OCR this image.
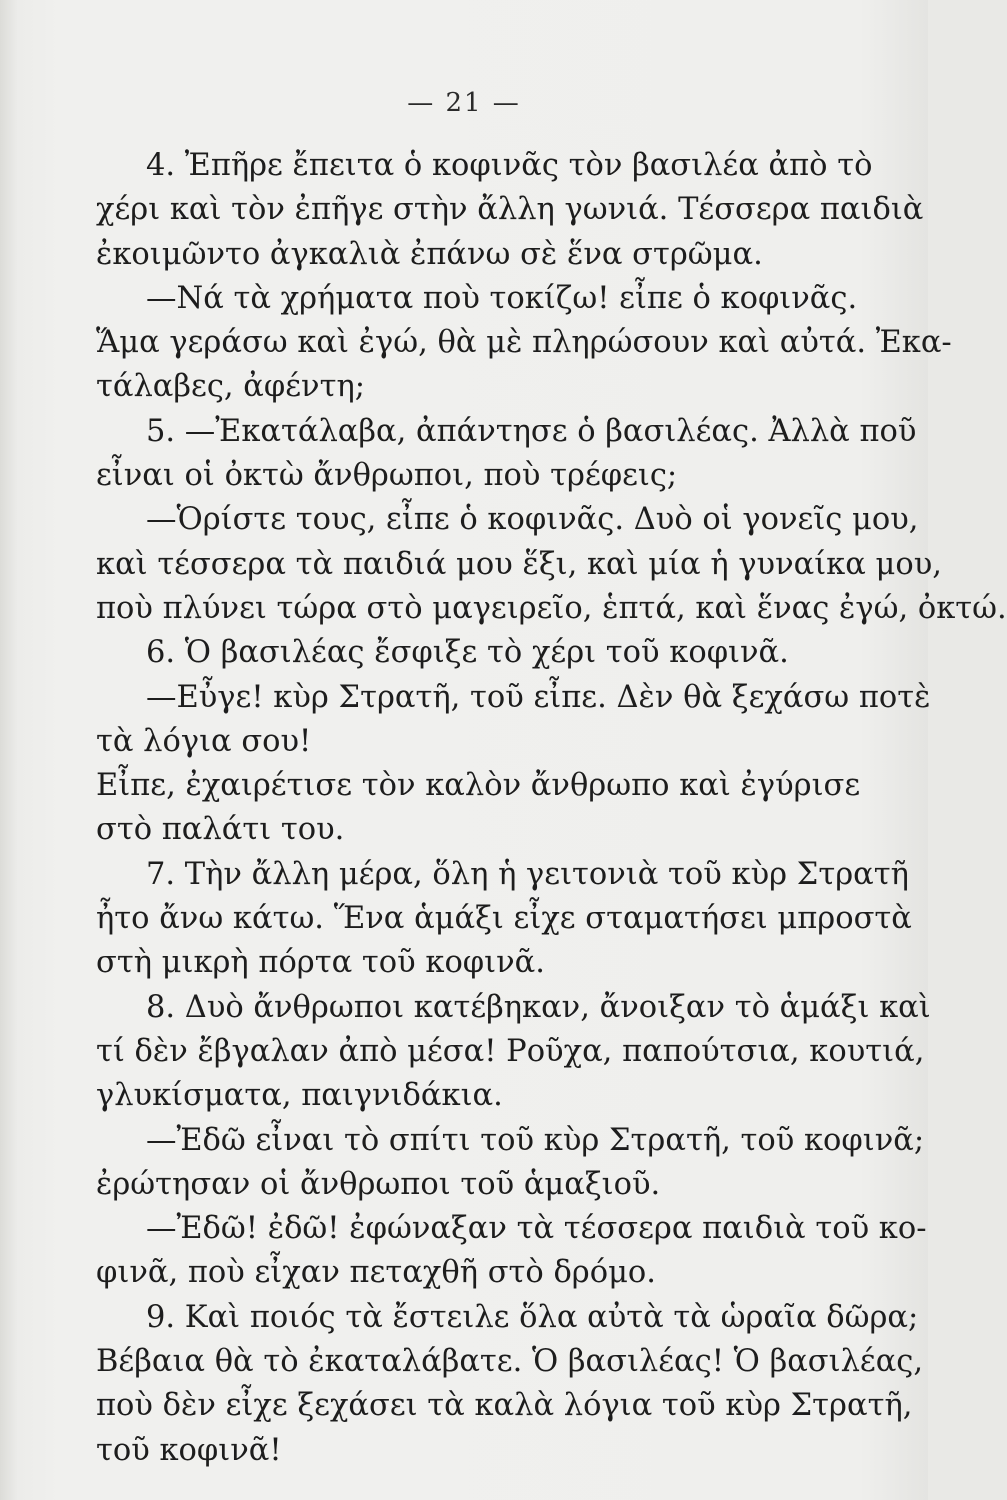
— 21 —
4. Ἐπῆρε ἔπειτα ὁ κοφινᾶς τὸν βασιλέα ἀπὸ τὸ
χέρι καὶ τὸν ἐπῆγε στὴν ἄλλη γωνιά. Τέσσερα παιδιὰ
ἐκοιμῶντο ἀγκαλιὰ ἐπάνω σὲ ἕνα στρῶμα.
—Νά τὰ χρήματα ποὺ τοκίζω! εἶπε ὁ κοφινᾶς.
Ἅμα γεράσω καὶ ἐγώ, θὰ μὲ πληρώσουν καὶ αὐτά. Ἐκα-
τάλαβες, ἀφέντη;
5. —Ἐκατάλαβα, ἀπάντησε ὁ βασιλέας. Ἀλλὰ ποῦ
εἶναι οἱ ὀκτὼ ἄνθρωποι, ποὺ τρέφεις;
—Ὁρίστε τους, εἶπε ὁ κοφινᾶς. Δυὸ οἱ γονεῖς μου,
καὶ τέσσερα τὰ παιδιά μου ἕξι, καὶ μία ἡ γυναίκα μου,
ποὺ πλύνει τώρα στὸ μαγειρεῖο, ἑπτά, καὶ ἕνας ἐγώ, ὀκτώ.
6. Ὁ βασιλέας ἔσφιξε τὸ χέρι τοῦ κοφινᾶ.
—Εὖγε! κὺρ Στρατῆ, τοῦ εἶπε. Δὲν θὰ ξεχάσω ποτὲ
τὰ λόγια σου!
Εἶπε, ἐχαιρέτισε τὸν καλὸν ἄνθρωπο καὶ ἐγύρισε
στὸ παλάτι του.
7. Τὴν ἄλλη μέρα, ὅλη ἡ γειτονιὰ τοῦ κὺρ Στρατῆ
ἦτο ἄνω κάτω. Ἕνα ἁμάξι εἶχε σταματήσει μπροστὰ
στὴ μικρὴ πόρτα τοῦ κοφινᾶ.
8. Δυὸ ἄνθρωποι κατέβηκαν, ἄνοιξαν τὸ ἁμάξι καὶ
τί δὲν ἔβγαλαν ἀπὸ μέσα! Ροῦχα, παπούτσια, κουτιά,
γλυκίσματα, παιγνιδάκια.
—Ἐδῶ εἶναι τὸ σπίτι τοῦ κὺρ Στρατῆ, τοῦ κοφινᾶ;
ἐρώτησαν οἱ ἄνθρωποι τοῦ ἁμαξιοῦ.
—Ἐδῶ! ἐδῶ! ἐφώναξαν τὰ τέσσερα παιδιὰ τοῦ κο-
φινᾶ, ποὺ εἶχαν πεταχθῆ στὸ δρόμο.
9. Καὶ ποιός τὰ ἔστειλε ὅλα αὐτὰ τὰ ὡραῖα δῶρα;
Βέβαια θὰ τὸ ἐκαταλάβατε. Ὁ βασιλέας! Ὁ βασιλέας,
ποὺ δὲν εἶχε ξεχάσει τὰ καλὰ λόγια τοῦ κὺρ Στρατῆ,
τοῦ κοφινᾶ!
